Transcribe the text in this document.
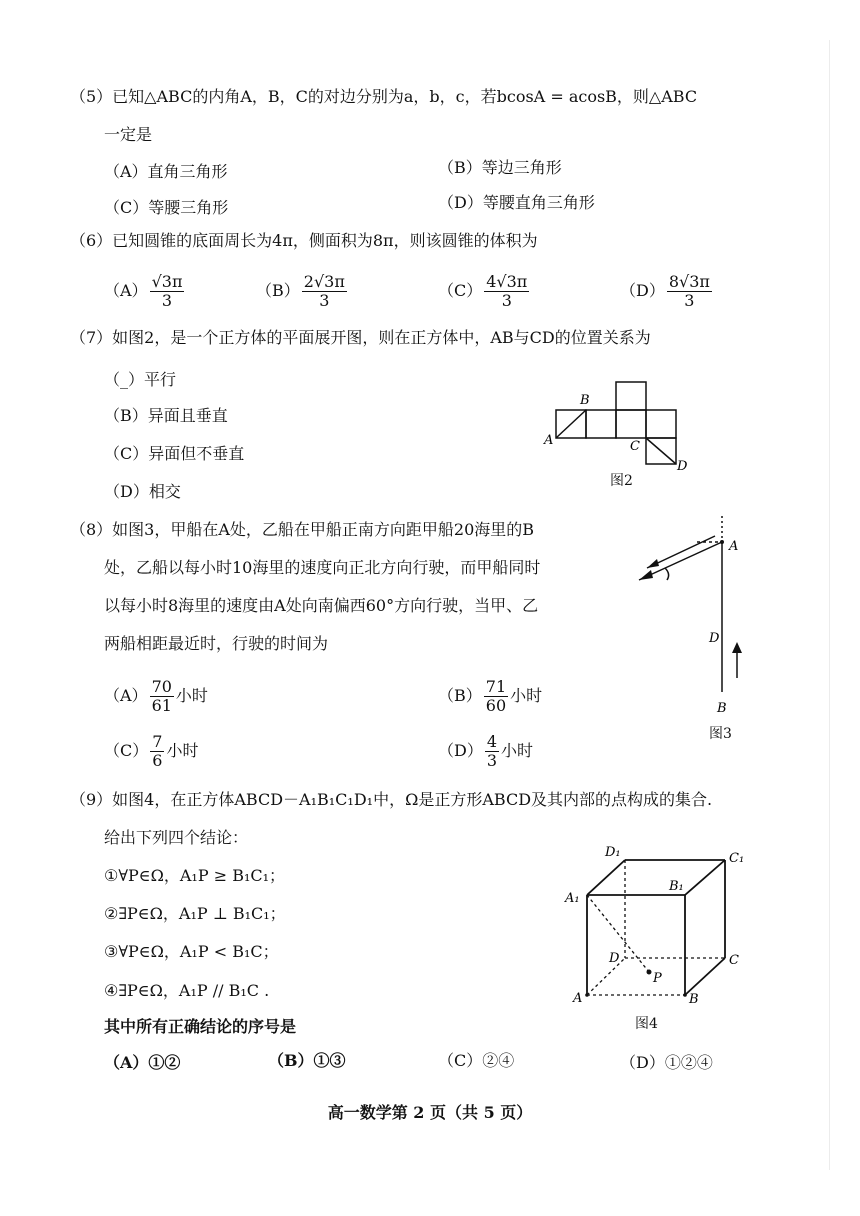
（5）已知△ABC的内角A，B，C的对边分别为a，b，c，若bcosA = acosB，则△ABC
一定是
（A）直角三角形	（B）等边三角形
（C）等腰三角形	（D）等腰直角三角形
（6）已知圆锥的底面周长为4π，侧面积为8π，则该圆锥的体积为
$(A) \frac{√3\pi}{3}$	$(B) \frac{2√3\pi}{3}$	$(C) \frac{4√3\pi}{3}$	$(D) \frac{8√3\pi}{3}$
（7）如图2，是一个正方体的平面展开图，则在正方体中，AB与CD的位置关系为
（_）平行
（B）异面且垂直
（C）异面但不垂直
（D）相交
B
A	C
D
图2
（8）如图3，甲船在A处，乙船在甲船正南方向距甲船20海里的B
处，乙船以每小时10海里的速度向正北方向行驶，而甲船同时
以每小时8海里的速度由A处向南偏西60°方向行驶，当甲、乙
两船相距最近时，行驶的时间为
$(A) \frac{70}{61}$ 小时	$(B) \frac{71}{60}$ 小时
$(C) \frac{7}{6}$ 小时	$(D) \frac{4}{3}$ 小时
A
D
B
图3
（9）如图4，在正方体ABCD－A₁B₁C₁D₁中，Ω是正方形ABCD及其内部的点构成的集合.
给出下列四个结论：
①∀P∈Ω，A₁P ≥ B₁C₁；
②∃P∈Ω，A₁P ⊥ B₁C₁；
③∀P∈Ω，A₁P < B₁C；
④∃P∈Ω，A₁P // B₁C .
其中所有正确结论的序号是
（A）①②	（B）①③	（C）②④	（D）①②④
D₁	C₁
A₁
B₁
D	C
A	B
P
图4
高一数学第 2 页（共 5 页）
